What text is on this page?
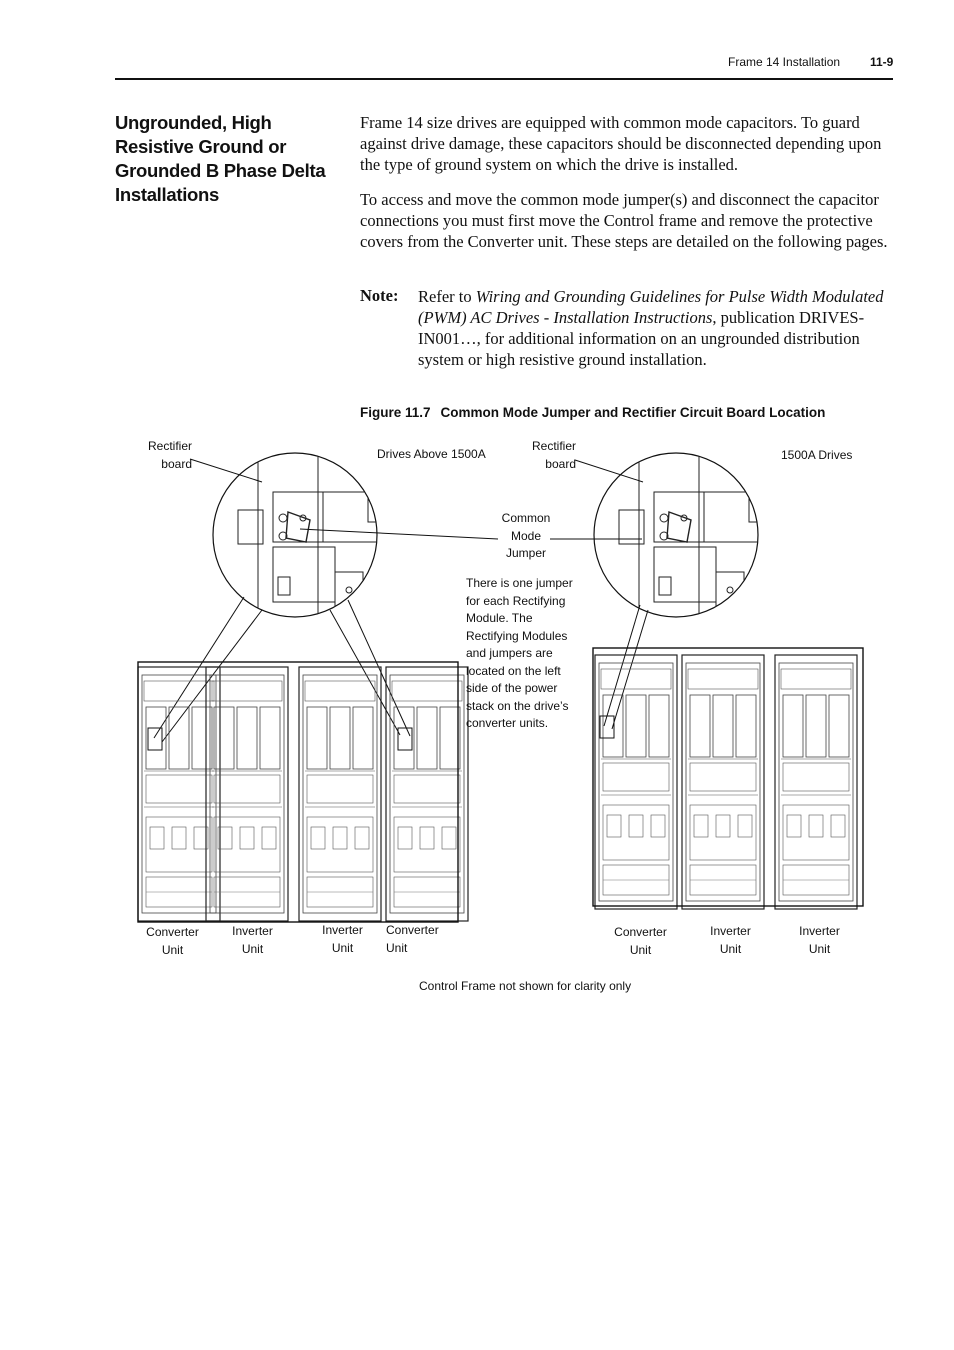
Frame 14 Installation 11-9
Ungrounded, High Resistive Ground or Grounded B Phase Delta Installations

Frame 14 size drives are equipped with common mode capacitors. To guard against drive damage, these capacitors should be disconnected depending upon the type of ground system on which the drive is installed.

To access and move the common mode jumper(s) and disconnect the capacitor connections you must first move the Control frame and remove the protective covers from the Converter unit. These steps are detailed on the following pages.

Note: Refer to Wiring and Grounding Guidelines for Pulse Width Modulated (PWM) AC Drives - Installation Instructions, publication DRIVES-IN001…, for additional information on an ungrounded distribution system or high resistive ground installation.
Figure 11.7 Common Mode Jumper and Rectifier Circuit Board Location
Rectifier
board
Drives Above 1500A
Rectifier
board
1500A Drives
Common
Mode
Jumper
There is one jumper
for each Rectifying
Module. The
Rectifying Modules
and jumpers are
located on the left
side of the power
stack on the drive’s
converter units.
Converter
Unit
Inverter
Unit
Inverter
Unit
Converter
Unit
Converter
Unit
Inverter
Unit
Inverter
Unit
Control Frame not shown for clarity only
